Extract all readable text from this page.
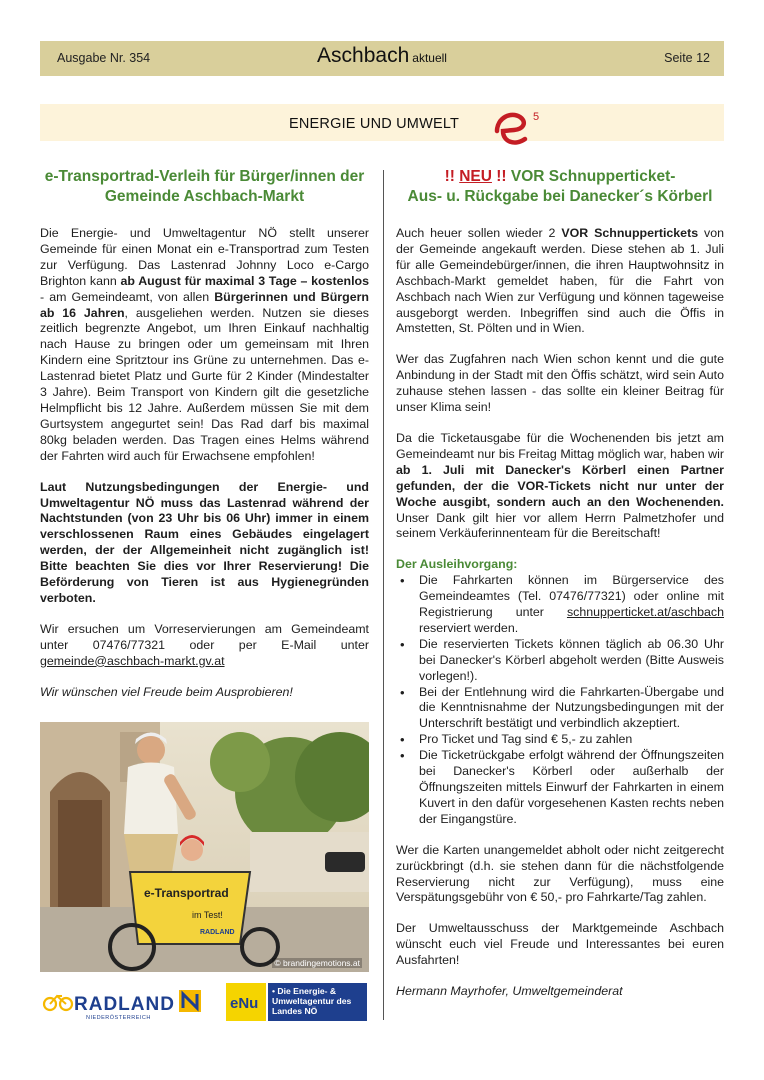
Ausgabe Nr. 354	Aschbach aktuell	Seite 12
ENERGIE UND UMWELT	5
e-Transportrad-Verleih für Bürger/innen der Gemeinde Aschbach-Markt

Die Energie- und Umweltagentur NÖ stellt unserer Gemeinde für einen Monat ein e-Transportrad zum Testen zur Verfügung. Das Lastenrad Johnny Loco e-Cargo Brighton kann ab August für maximal 3 Tage – kostenlos - am Gemeindeamt, von allen Bürgerinnen und Bürgern ab 16 Jahren, ausgeliehen werden. Nutzen sie dieses zeitlich begrenzte Angebot, um Ihren Einkauf nachhaltig nach Hause zu bringen oder um gemeinsam mit Ihren Kindern eine Spritztour ins Grüne zu unternehmen. Das e-Lastenrad bietet Platz und Gurte für 2 Kinder (Mindestalter 3 Jahre). Beim Transport von Kindern gilt die gesetzliche Helmpflicht bis 12 Jahre. Außerdem müssen Sie mit dem Gurtsystem angegurtet sein! Das Rad darf bis maximal 80kg beladen werden. Das Tragen eines Helms während der Fahrten wird auch für Erwachsene empfohlen!

Laut Nutzungsbedingungen der Energie- und Umweltagentur NÖ muss das Lastenrad während der Nachtstunden (von 23 Uhr bis 06 Uhr) immer in einem verschlossenen Raum eines Gebäudes eingelagert werden, der der Allgemeinheit nicht zugänglich ist! Bitte beachten Sie dies vor Ihrer Reservierung! Die Beförderung von Tieren ist aus Hygienegründen verboten.

Wir ersuchen um Vorreservierungen am Gemeindeamt unter 07476/77321 oder per E-Mail unter gemeinde@aschbach-markt.gv.at

Wir wünschen viel Freude beim Ausprobieren!

e-Transportrad
im Test!
RADLAND
© brandingemotions.at
RADLAND
NIEDERÖSTERREICH
eNu
• Die Energie- & Umweltagentur des Landes NÖ
!! NEU !! VOR Schnupperticket-
Aus- u. Rückgabe bei Danecker´s Körberl

Auch heuer sollen wieder 2 VOR Schnuppertickets von der Gemeinde angekauft werden. Diese stehen ab 1. Juli für alle Gemeindebürger/innen, die ihren Hauptwohnsitz in Aschbach-Markt gemeldet haben, für die Fahrt von Aschbach nach Wien zur Verfügung und können tageweise ausgeborgt werden. Inbegriffen sind auch die Öffis in Amstetten, St. Pölten und in Wien.

Wer das Zugfahren nach Wien schon kennt und die gute Anbindung in der Stadt mit den Öffis schätzt, wird sein Auto zuhause stehen lassen - das sollte ein kleiner Beitrag für unser Klima sein!

Da die Ticketausgabe für die Wochenenden bis jetzt am Gemeindeamt nur bis Freitag Mittag möglich war, haben wir ab 1. Juli mit Danecker's Körberl einen Partner gefunden, der die VOR-Tickets nicht nur unter der Woche ausgibt, sondern auch an den Wochenenden. Unser Dank gilt hier vor allem Herrn Palmetzhofer und seinem Verkäuferinnenteam für die Bereitschaft!

Der Ausleihvorgang:
• Die Fahrkarten können im Bürgerservice des Gemeindeamtes (Tel. 07476/77321) oder online mit Registrierung unter schnupperticket.at/aschbach reserviert werden.
• Die reservierten Tickets können täglich ab 06.30 Uhr bei Danecker's Körberl abgeholt werden (Bitte Ausweis vorlegen!).
• Bei der Entlehnung wird die Fahrkarten-Übergabe und die Kenntnisnahme der Nutzungsbedingungen mit der Unterschrift bestätigt und verbindlich akzeptiert.
• Pro Ticket und Tag sind € 5,- zu zahlen
• Die Ticketrückgabe erfolgt während der Öffnungszeiten bei Danecker's Körberl oder außerhalb der Öffnungszeiten mittels Einwurf der Fahrkarten in einem Kuvert in den dafür vorgesehenen Kasten rechts neben der Eingangstüre.

Wer die Karten unangemeldet abholt oder nicht zeitgerecht zurückbringt (d.h. sie stehen dann für die nächstfolgende Reservierung nicht zur Verfügung), muss eine Verspätungsgebühr von € 50,- pro Fahrkarte/Tag zahlen.

Der Umweltausschuss der Marktgemeinde Aschbach wünscht euch viel Freude und Interessantes bei euren Ausfahrten!

Hermann Mayrhofer, Umweltgemeinderat
